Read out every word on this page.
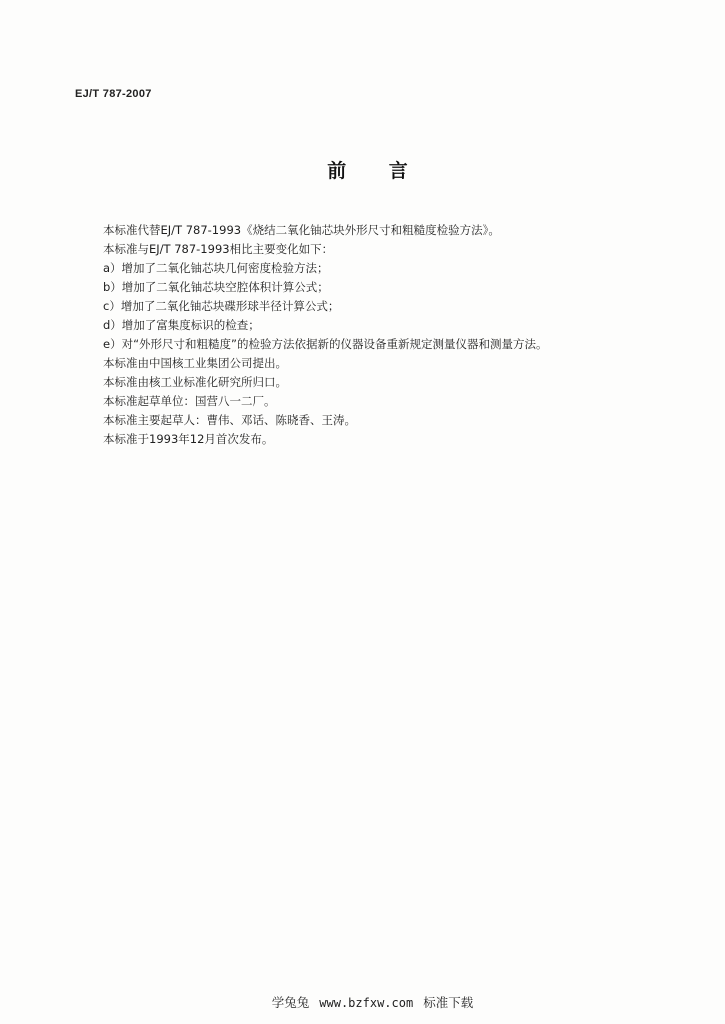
EJ/T 787-2007
前 言
本标准代替EJ/T 787-1993《烧结二氧化铀芯块外形尺寸和粗糙度检验方法》。
本标准与EJ/T 787-1993相比主要变化如下：
a）增加了二氧化铀芯块几何密度检验方法；
b）增加了二氧化铀芯块空腔体积计算公式；
c）增加了二氧化铀芯块碟形球半径计算公式；
d）增加了富集度标识的检查；
e）对“外形尺寸和粗糙度”的检验方法依据新的仪器设备重新规定测量仪器和测量方法。
本标准由中国核工业集团公司提出。
本标准由核工业标准化研究所归口。
本标准起草单位：国营八一二厂。
本标准主要起草人：曹伟、邓话、陈晓香、王涛。
本标准于1993年12月首次发布。
学兔兔 www.bzfxw.com 标准下载
